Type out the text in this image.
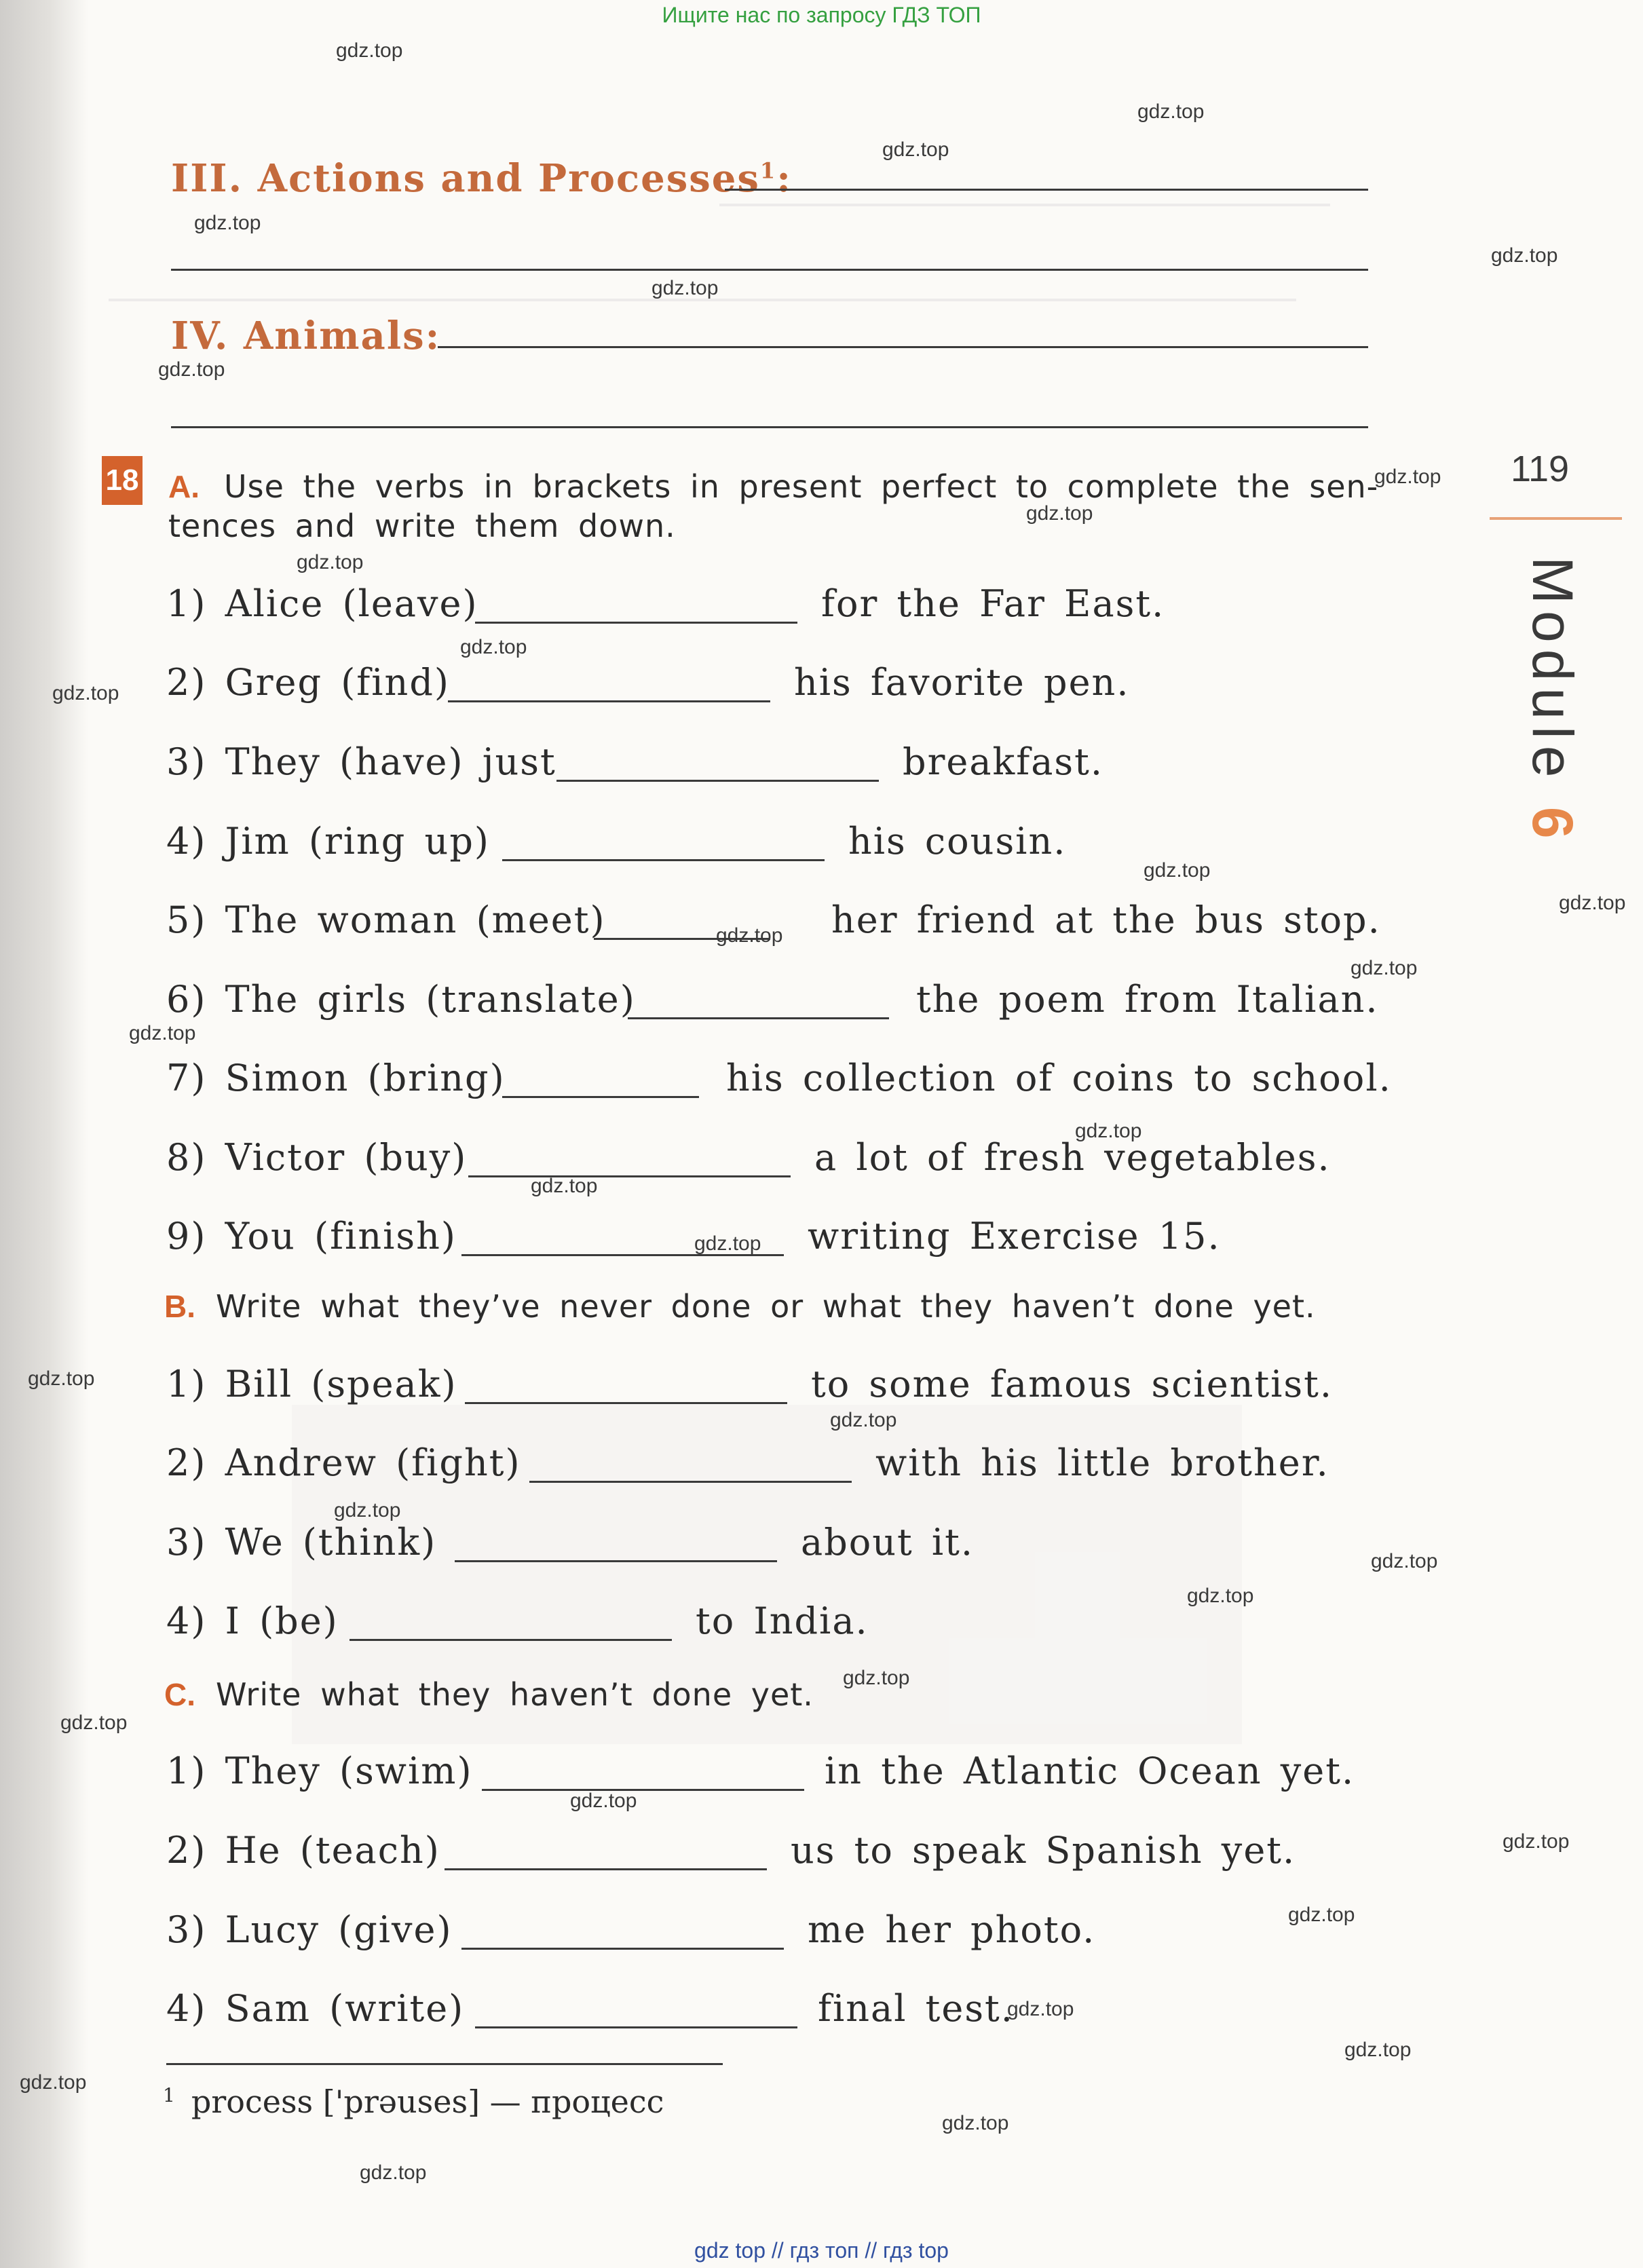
Ищите нас по запросу ГДЗ ТОП
III. Actions and Processes$^1$:
IV. Animals:
18 A. Use the verbs in brackets in present perfect to complete the sen-
tences and write them down.
1) Alice (leave)	for the Far East.
2) Greg (find)	his favorite pen.
3) They (have) just	breakfast.
4) Jim (ring up)	his cousin.
5) The woman (meet)	her friend at the bus stop.
6) The girls (translate)	the poem from Italian.
7) Simon (bring)	his collection of coins to school.
8) Victor (buy)	a lot of fresh vegetables.
9) You (finish)	writing Exercise 15.
B. Write what they’ve never done or what they haven’t done yet.
1) Bill (speak)	to some famous scientist.
2) Andrew (fight)	with his little brother.
3) We (think)	about it.
4) I (be)	to India.
C. Write what they haven’t done yet.
1) They (swim)	in the Atlantic Ocean yet.
2) He (teach)	us to speak Spanish yet.
3) Lucy (give)	me her photo.
4) Sam (write)	final test.
119
Module 6
$^1$ process ['prəuses] — процесс
gdz.top
gdz.top
gdz.top
gdz.top
gdz.top
gdz.top
gdz.top
gdz.top
gdz.top
gdz.top
gdz.top
gdz.top
gdz.top
gdz.top
gdz.top
gdz.top
gdz.top
gdz.top
gdz.top
gdz.top
gdz.top
gdz.top
gdz.top
gdz.top
gdz.top
gdz.top
gdz.top
gdz.top
gdz.top
gdz.top
gdz.top
gdz.top
gdz.top
gdz.top
gdz.top
gdz top // гдз топ // гдз top
